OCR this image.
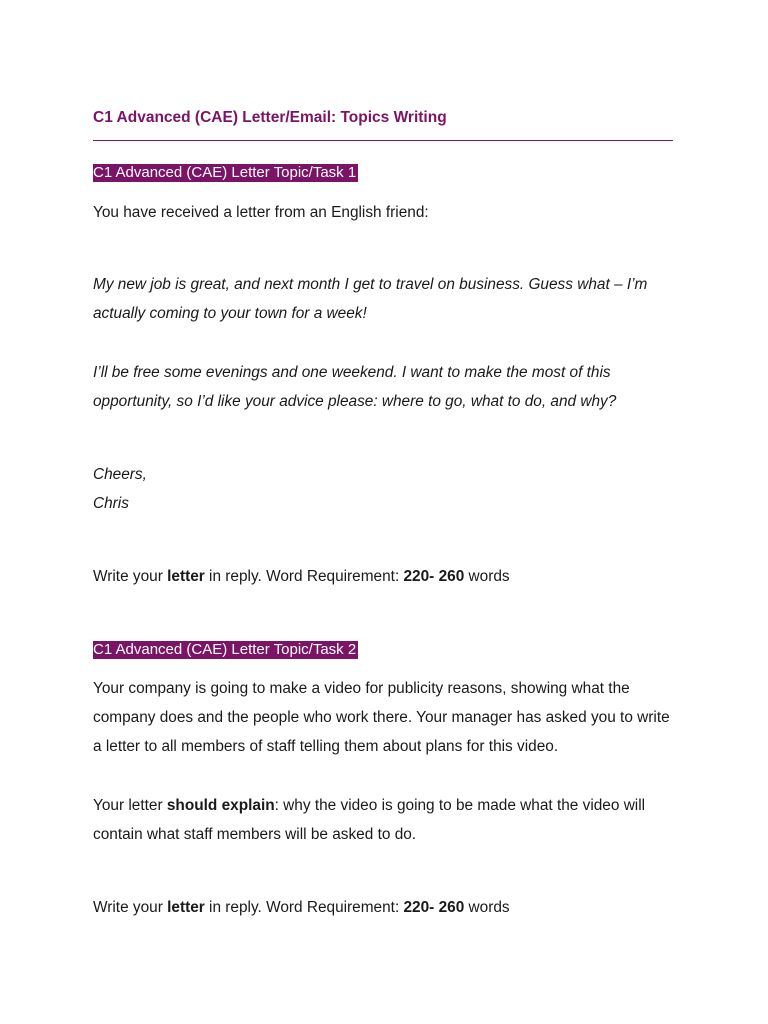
C1 Advanced (CAE) Letter/Email: Topics Writing
C1 Advanced (CAE) Letter Topic/Task 1
You have received a letter from an English friend:
My new job is great, and next month I get to travel on business. Guess what – I’m actually coming to your town for a week!
I’ll be free some evenings and one weekend. I want to make the most of this opportunity, so I’d like your advice please: where to go, what to do, and why?
Cheers,
Chris
Write your letter in reply. Word Requirement: 220- 260 words
C1 Advanced (CAE) Letter Topic/Task 2
Your company is going to make a video for publicity reasons, showing what the company does and the people who work there. Your manager has asked you to write a letter to all members of staff telling them about plans for this video.
Your letter should explain: why the video is going to be made what the video will contain what staff members will be asked to do.
Write your letter in reply. Word Requirement: 220- 260 words
